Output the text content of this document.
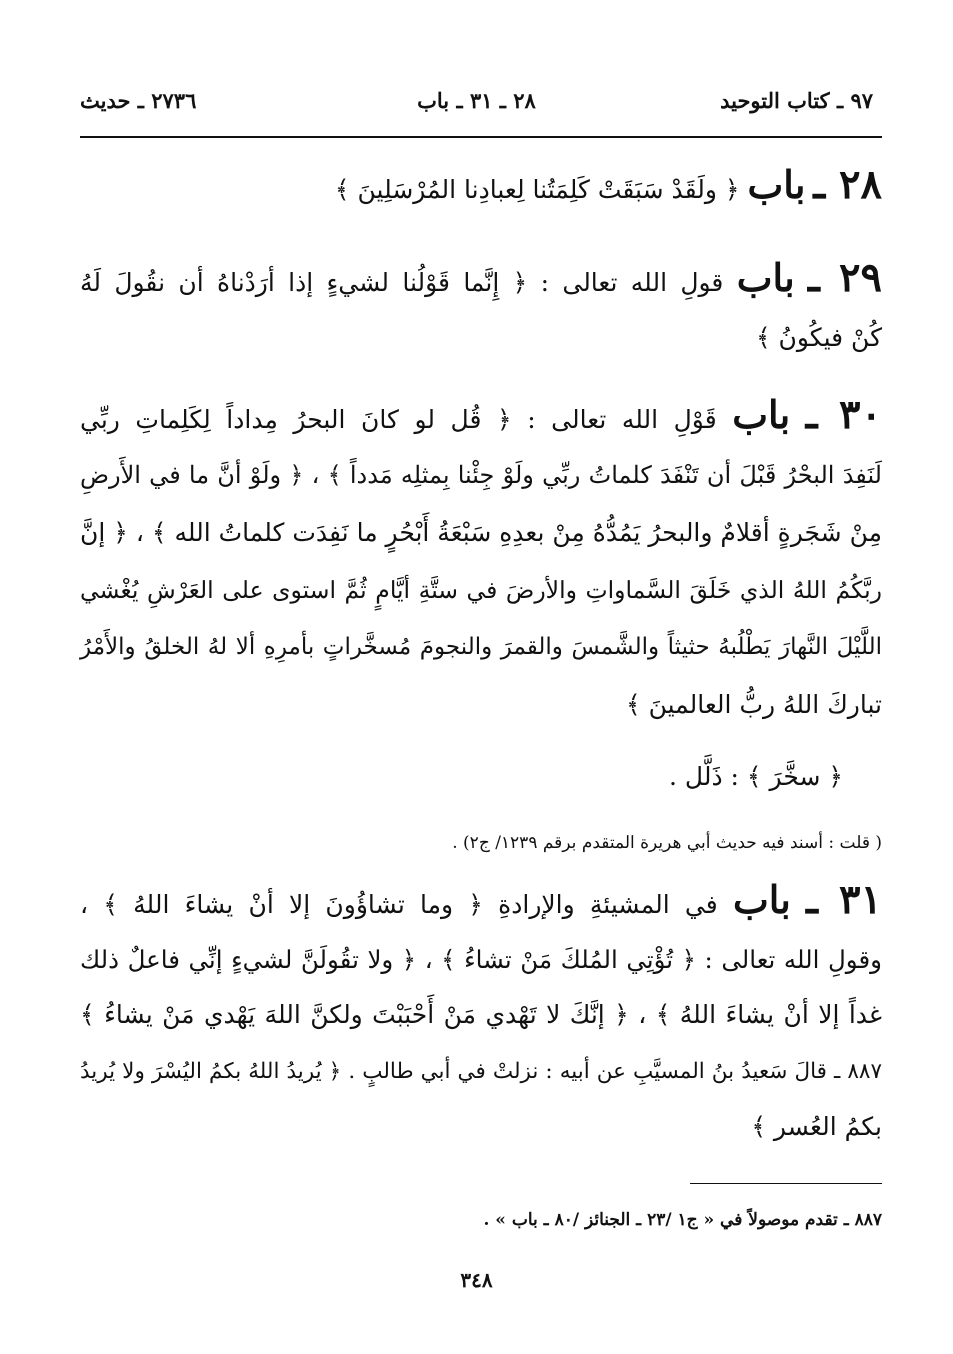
٩٧ ـ كتاب التوحيد
٢٨ ـ ٣١ ـ باب
٢٧٣٦ ـ حديث
٢٨ ـ باب ﴿ ولَقَدْ سَبَقَتْ كَلِمَتُنا لِعبادِنا المُرْسَلِينَ ﴾
٢٩ ـ باب قولِ الله تعالى : ﴿ إِنَّما قَوْلُنا لشيءٍ إذا أرَدْناهُ أن نقُولَ لَهُ
كُنْ فيكُونُ ﴾
٣٠ ـ باب قَوْلِ الله تعالى : ﴿ قُل لو كانَ البحرُ مِداداً لِكَلِماتِ ربِّي
لَنَفِدَ البحْرُ قَبْلَ أن تَنْفَدَ كلماتُ ربِّي ولَوْ جِئْنا بِمثلِه مَدداً ﴾ ، ﴿ ولَوْ أنَّ ما في الأَرضِ
مِنْ شَجَرةٍ أقلامٌ والبحرُ يَمُدُّهُ مِنْ بعدِهِ سَبْعَةُ أَبْحُرٍ ما نَفِدَت كلماتُ الله ﴾ ، ﴿ إنَّ
ربَّكُمُ اللهُ الذي خَلَقَ السَّماواتِ والأرضَ في ستَّةِ أيَّامٍ ثُمَّ استوى على العَرْشِ يُغْشي
اللَّيْلَ النَّهارَ يَطْلُبهُ حثيثاً والشَّمسَ والقمرَ والنجومَ مُسخَّراتٍ بأمرِهِ ألا لهُ الخلقُ والأَمْرُ
تباركَ اللهُ ربُّ العالمينَ ﴾
﴿ سخَّرَ ﴾ : ذَلَّل .
( قلت : أسند فيه حديث أبي هريرة المتقدم برقم ١٢٣٩/ ج٢) .
٣١ ـ باب في المشيئةِ والإرادةِ ﴿ وما تشاؤُونَ إلا أنْ يشاءَ اللهُ ﴾ ،
وقولِ الله تعالى : ﴿ تُؤْتِي المُلكَ مَنْ تشاءُ ﴾ ، ﴿ ولا تقُولَنَّ لشيءٍ إنِّي فاعلٌ ذلك
غداً إلا أنْ يشاءَ اللهُ ﴾ ، ﴿ إنَّكَ لا تَهْدي مَنْ أَحْبَبْتَ ولكنَّ اللهَ يَهْدي مَنْ يشاءُ ﴾
٨٨٧ ـ قالَ سَعيدُ بنُ المسيَّبِ عن أبيه : نزلتْ في أبي طالبٍ . ﴿ يُريدُ اللهُ بكمُ اليُسْرَ ولا يُريدُ
بكمُ العُسر ﴾
٨٨٧ ـ تقدم موصولاً في « ج١ /٢٣ ـ الجنائز /٨٠ ـ باب » .
٣٤٨
